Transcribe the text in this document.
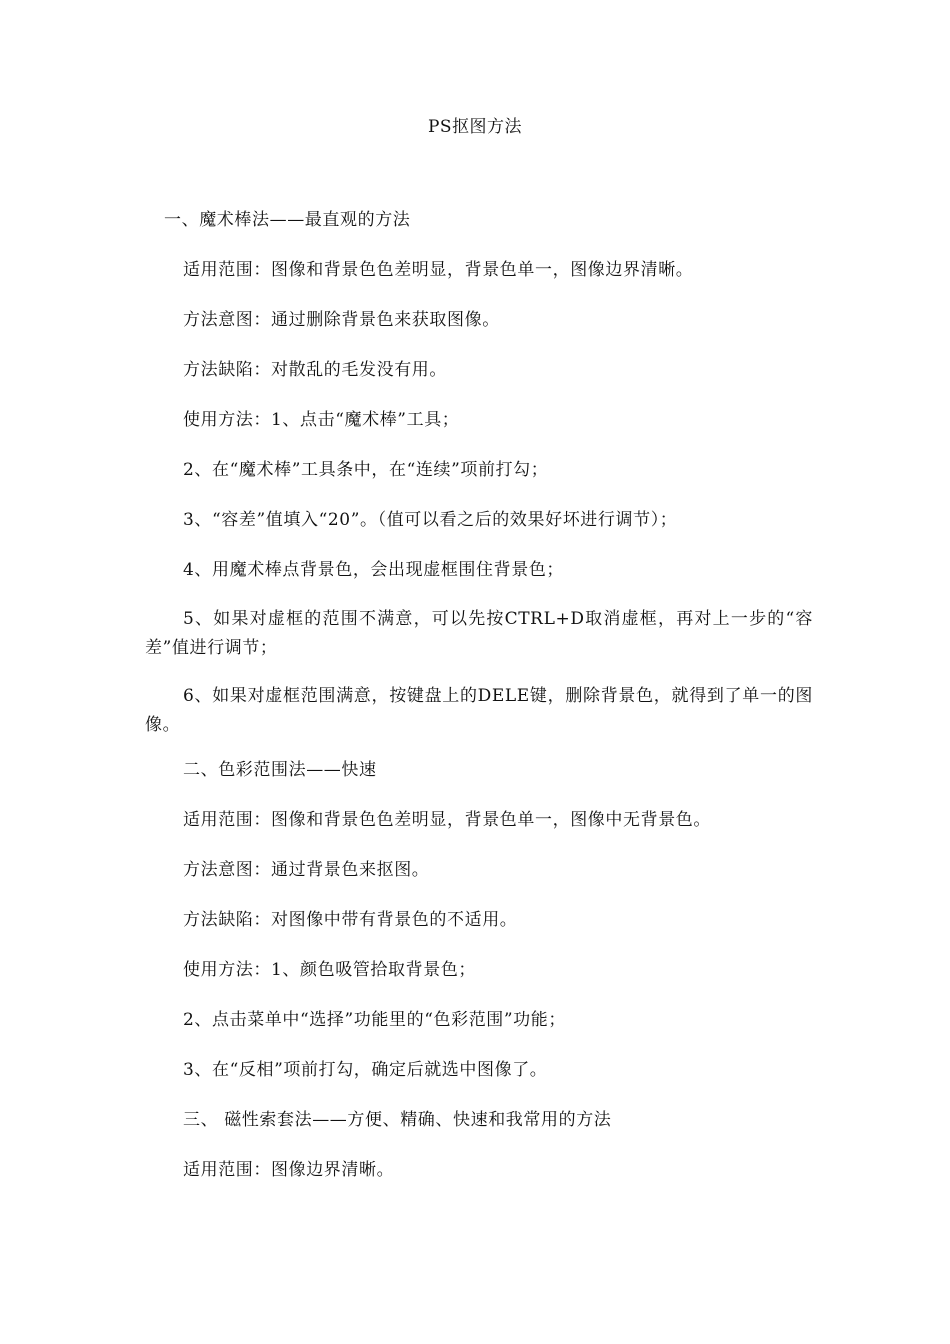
PS抠图方法
一、魔术棒法——最直观的方法
适用范围：图像和背景色色差明显，背景色单一，图像边界清晰。
方法意图：通过删除背景色来获取图像。
方法缺陷：对散乱的毛发没有用。
使用方法：1、点击“魔术棒”工具；
2、在“魔术棒”工具条中，在“连续”项前打勾；
3、“容差”值填入“20”。（值可以看之后的效果好坏进行调节）；
4、用魔术棒点背景色，会出现虚框围住背景色；
5、如果对虚框的范围不满意，可以先按CTRL+D取消虚框，再对上一步的“容差”值进行调节；
6、如果对虚框范围满意，按键盘上的DELE键，删除背景色，就得到了单一的图像。
二、色彩范围法——快速
适用范围：图像和背景色色差明显，背景色单一，图像中无背景色。
方法意图：通过背景色来抠图。
方法缺陷：对图像中带有背景色的不适用。
使用方法：1、颜色吸管拾取背景色；
2、点击菜单中“选择”功能里的“色彩范围”功能；
3、在“反相”项前打勾，确定后就选中图像了。
三、 磁性索套法——方便、精确、快速和我常用的方法
适用范围：图像边界清晰。
